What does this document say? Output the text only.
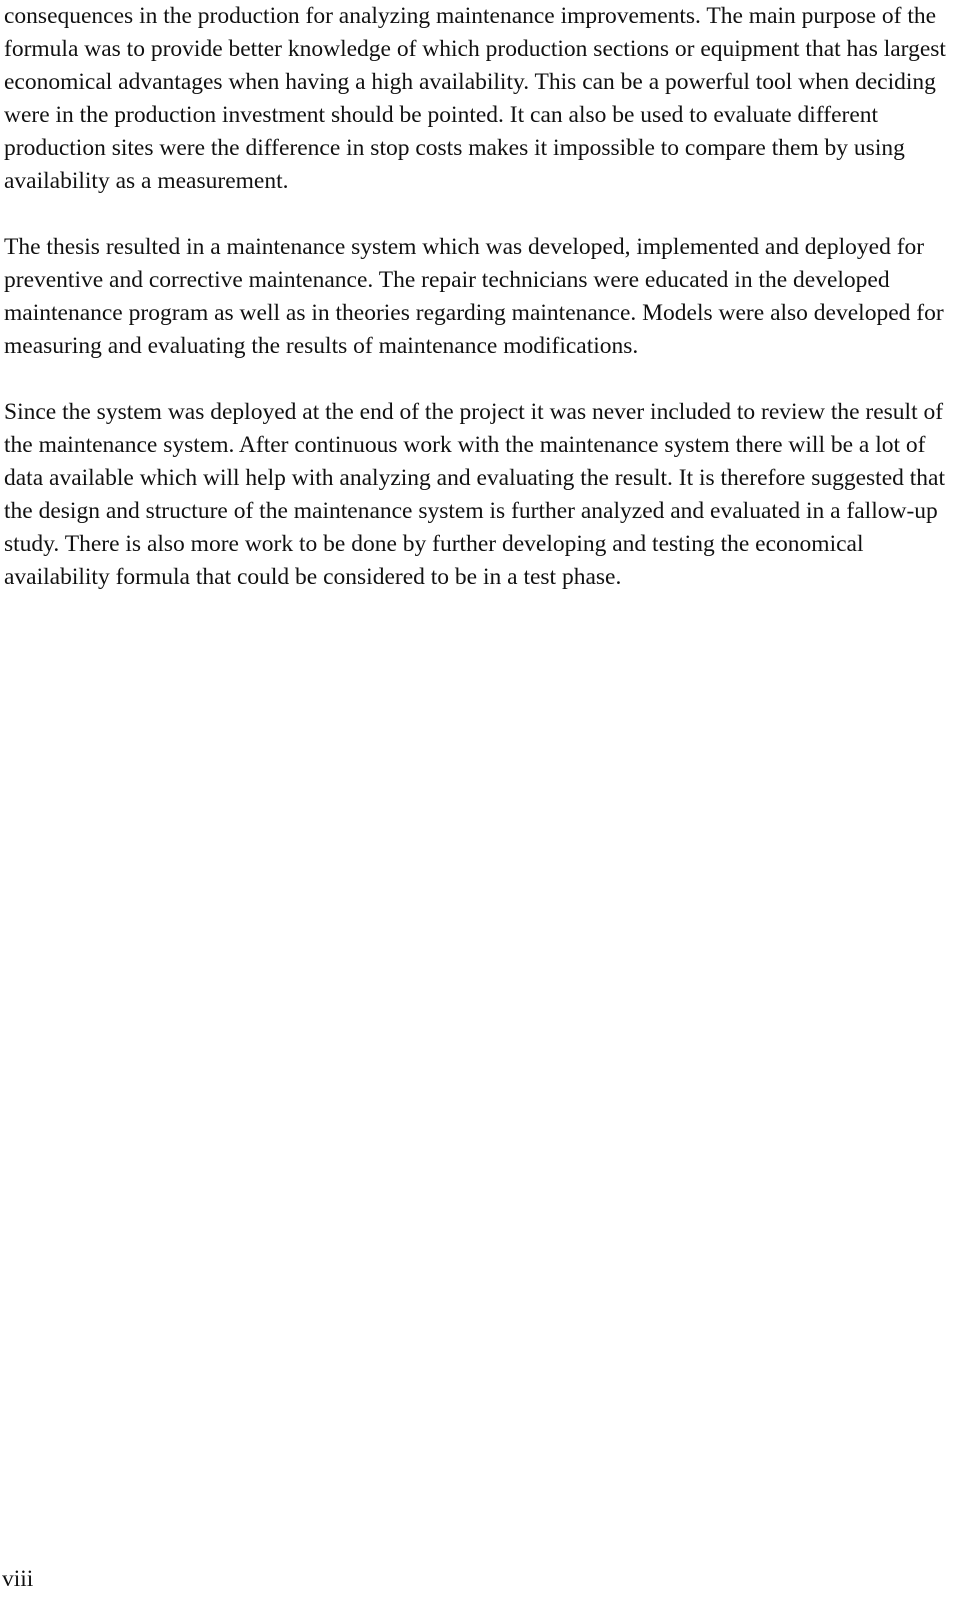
consequences in the production for analyzing maintenance improvements. The main purpose of the formula was to provide better knowledge of which production sections or equipment that has largest economical advantages when having a high availability. This can be a powerful tool when deciding were in the production investment should be pointed. It can also be used to evaluate different production sites were the difference in stop costs makes it impossible to compare them by using availability as a measurement.

The thesis resulted in a maintenance system which was developed, implemented and deployed for preventive and corrective maintenance. The repair technicians were educated in the developed maintenance program as well as in theories regarding maintenance. Models were also developed for measuring and evaluating the results of maintenance modifications.

Since the system was deployed at the end of the project it was never included to review the result of the maintenance system. After continuous work with the maintenance system there will be a lot of data available which will help with analyzing and evaluating the result. It is therefore suggested that the design and structure of the maintenance system is further analyzed and evaluated in a fallow-up study. There is also more work to be done by further developing and testing the economical availability formula that could be considered to be in a test phase.

viii
